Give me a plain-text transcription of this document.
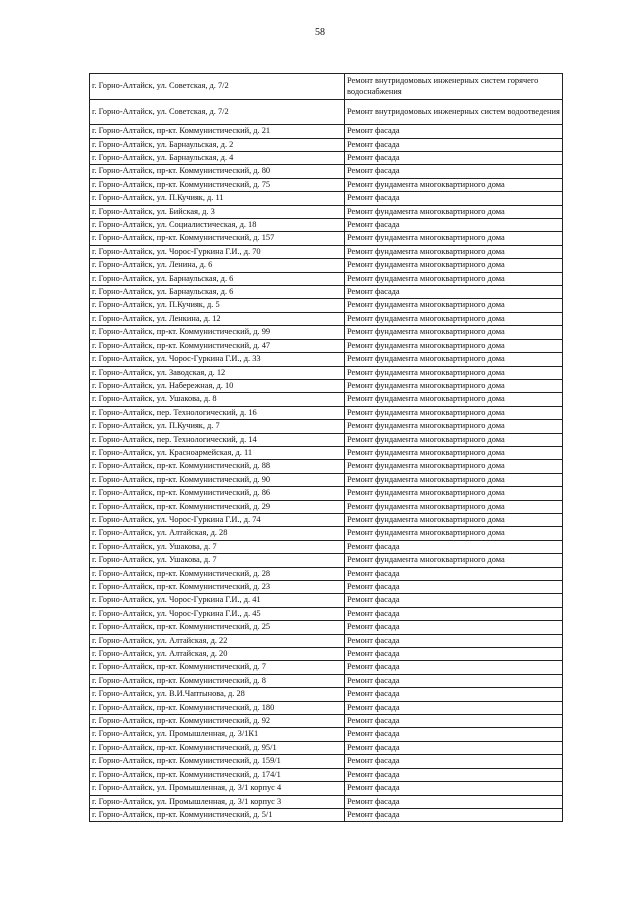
58
г. Горно-Алтайск, ул. Советская, д. 7/2	Ремонт внутридомовых инженерных систем горячего водоснабжения
г. Горно-Алтайск, ул. Советская, д. 7/2	Ремонт внутридомовых инженерных систем водоотведения
г. Горно-Алтайск, пр-кт. Коммунистический, д. 21	Ремонт фасада
г. Горно-Алтайск, ул. Барнаульская, д. 2	Ремонт фасада
г. Горно-Алтайск, ул. Барнаульская, д. 4	Ремонт фасада
г. Горно-Алтайск, пр-кт. Коммунистический, д. 80	Ремонт фасада
г. Горно-Алтайск, пр-кт. Коммунистический, д. 75	Ремонт фундамента многоквартирного дома
г. Горно-Алтайск, ул. П.Кучияк, д. 11	Ремонт фасада
г. Горно-Алтайск, ул. Бийская, д. 3	Ремонт фундамента многоквартирного дома
г. Горно-Алтайск, ул. Социалистическая, д. 18	Ремонт фасада
г. Горно-Алтайск, пр-кт. Коммунистический, д. 157	Ремонт фундамента многоквартирного дома
г. Горно-Алтайск, ул. Чорос-Гуркина Г.И., д. 70	Ремонт фундамента многоквартирного дома
г. Горно-Алтайск, ул. Ленина, д. 6	Ремонт фундамента многоквартирного дома
г. Горно-Алтайск, ул. Барнаульская, д. 6	Ремонт фундамента многоквартирного дома
г. Горно-Алтайск, ул. Барнаульская, д. 6	Ремонт фасада
г. Горно-Алтайск, ул. П.Кучияк, д. 5	Ремонт фундамента многоквартирного дома
г. Горно-Алтайск, ул. Ленкина, д. 12	Ремонт фундамента многоквартирного дома
г. Горно-Алтайск, пр-кт. Коммунистический, д. 99	Ремонт фундамента многоквартирного дома
г. Горно-Алтайск, пр-кт. Коммунистический, д. 47	Ремонт фундамента многоквартирного дома
г. Горно-Алтайск, ул. Чорос-Гуркина Г.И., д. 33	Ремонт фундамента многоквартирного дома
г. Горно-Алтайск, ул. Заводская, д. 12	Ремонт фундамента многоквартирного дома
г. Горно-Алтайск, ул. Набережная, д. 10	Ремонт фундамента многоквартирного дома
г. Горно-Алтайск, ул. Ушакова, д. 8	Ремонт фундамента многоквартирного дома
г. Горно-Алтайск, пер. Технологический, д. 16	Ремонт фундамента многоквартирного дома
г. Горно-Алтайск, ул. П.Кучияк, д. 7	Ремонт фундамента многоквартирного дома
г. Горно-Алтайск, пер. Технологический, д. 14	Ремонт фундамента многоквартирного дома
г. Горно-Алтайск, ул. Красноармейская, д. 11	Ремонт фундамента многоквартирного дома
г. Горно-Алтайск, пр-кт. Коммунистический, д. 88	Ремонт фундамента многоквартирного дома
г. Горно-Алтайск, пр-кт. Коммунистический, д. 90	Ремонт фундамента многоквартирного дома
г. Горно-Алтайск, пр-кт. Коммунистический, д. 86	Ремонт фундамента многоквартирного дома
г. Горно-Алтайск, пр-кт. Коммунистический, д. 29	Ремонт фундамента многоквартирного дома
г. Горно-Алтайск, ул. Чорос-Гуркина Г.И., д. 74	Ремонт фундамента многоквартирного дома
г. Горно-Алтайск, ул. Алтайская, д. 28	Ремонт фундамента многоквартирного дома
г. Горно-Алтайск, ул. Ушакова, д. 7	Ремонт фасада
г. Горно-Алтайск, ул. Ушакова, д. 7	Ремонт фундамента многоквартирного дома
г. Горно-Алтайск, пр-кт. Коммунистический, д. 28	Ремонт фасада
г. Горно-Алтайск, пр-кт. Коммунистический, д. 23	Ремонт фасада
г. Горно-Алтайск, ул. Чорос-Гуркина Г.И., д. 41	Ремонт фасада
г. Горно-Алтайск, ул. Чорос-Гуркина Г.И., д. 45	Ремонт фасада
г. Горно-Алтайск, пр-кт. Коммунистический, д. 25	Ремонт фасада
г. Горно-Алтайск, ул. Алтайская, д. 22	Ремонт фасада
г. Горно-Алтайск, ул. Алтайская, д. 20	Ремонт фасада
г. Горно-Алтайск, пр-кт. Коммунистический, д. 7	Ремонт фасада
г. Горно-Алтайск, пр-кт. Коммунистический, д. 8	Ремонт фасада
г. Горно-Алтайск, ул. В.И.Чаптынова, д. 28	Ремонт фасада
г. Горно-Алтайск, пр-кт. Коммунистический, д. 180	Ремонт фасада
г. Горно-Алтайск, пр-кт. Коммунистический, д. 92	Ремонт фасада
г. Горно-Алтайск, ул. Промышленная, д. 3/1К1	Ремонт фасада
г. Горно-Алтайск, пр-кт. Коммунистический, д. 95/1	Ремонт фасада
г. Горно-Алтайск, пр-кт. Коммунистический, д. 159/1	Ремонт фасада
г. Горно-Алтайск, пр-кт. Коммунистический, д. 174/1	Ремонт фасада
г. Горно-Алтайск, ул. Промышленная, д. 3/1 корпус 4	Ремонт фасада
г. Горно-Алтайск, ул. Промышленная, д. 3/1 корпус 3	Ремонт фасада
г. Горно-Алтайск, пр-кт. Коммунистический, д. 5/1	Ремонт фасада
